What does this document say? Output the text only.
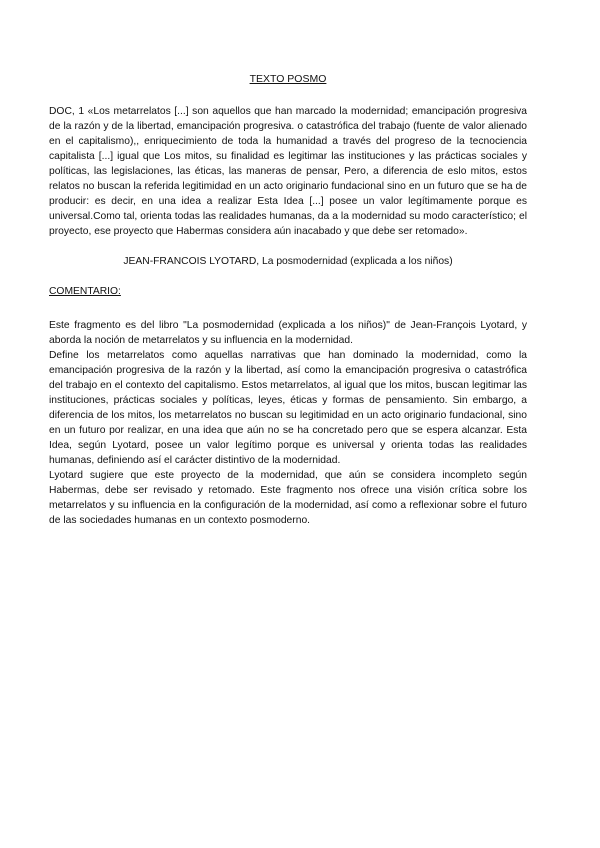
TEXTO POSMO

DOC, 1 «Los metarrelatos [...] son aquellos que han marcado la modernidad; emancipación progresiva de la razón y de la libertad, emancipación progresiva. o catastrófica del trabajo (fuente de valor alienado en el capitalismo),, enriquecimiento de toda la humanidad a través del progreso de la tecnociencia capitalista [...] igual que Los mitos, su finalidad es legitimar las instituciones y las prácticas sociales y políticas, las legislaciones, las éticas, las maneras de pensar, Pero, a diferencia de eslo mitos, estos relatos no buscan la referida legitimidad en un acto originario fundacional sino en un futuro que se ha de producir: es decir, en una idea a realizar Esta Idea [...] posee un valor legítimamente porque es universal.Como tal, orienta todas las realidades humanas, da a la modernidad su modo característico; el proyecto, ese proyecto que Habermas considera aún inacabado y que debe ser retomado».

JEAN-FRANCOIS LYOTARD, La posmodernidad (explicada a los niños)

COMENTARIO:

Este fragmento es del libro "La posmodernidad (explicada a los niños)" de Jean-François Lyotard, y aborda la noción de metarrelatos y su influencia en la modernidad.

Define los metarrelatos como aquellas narrativas que han dominado la modernidad, como la emancipación progresiva de la razón y la libertad, así como la emancipación progresiva o catastrófica del trabajo en el contexto del capitalismo. Estos metarrelatos, al igual que los mitos, buscan legitimar las instituciones, prácticas sociales y políticas, leyes, éticas y formas de pensamiento. Sin embargo, a diferencia de los mitos, los metarrelatos no buscan su legitimidad en un acto originario fundacional, sino en un futuro por realizar, en una idea que aún no se ha concretado pero que se espera alcanzar. Esta Idea, según Lyotard, posee un valor legítimo porque es universal y orienta todas las realidades humanas, definiendo así el carácter distintivo de la modernidad.

Lyotard sugiere que este proyecto de la modernidad, que aún se considera incompleto según Habermas, debe ser revisado y retomado. Este fragmento nos ofrece una visión crítica sobre los metarrelatos y su influencia en la configuración de la modernidad, así como a reflexionar sobre el futuro de las sociedades humanas en un contexto posmoderno.
